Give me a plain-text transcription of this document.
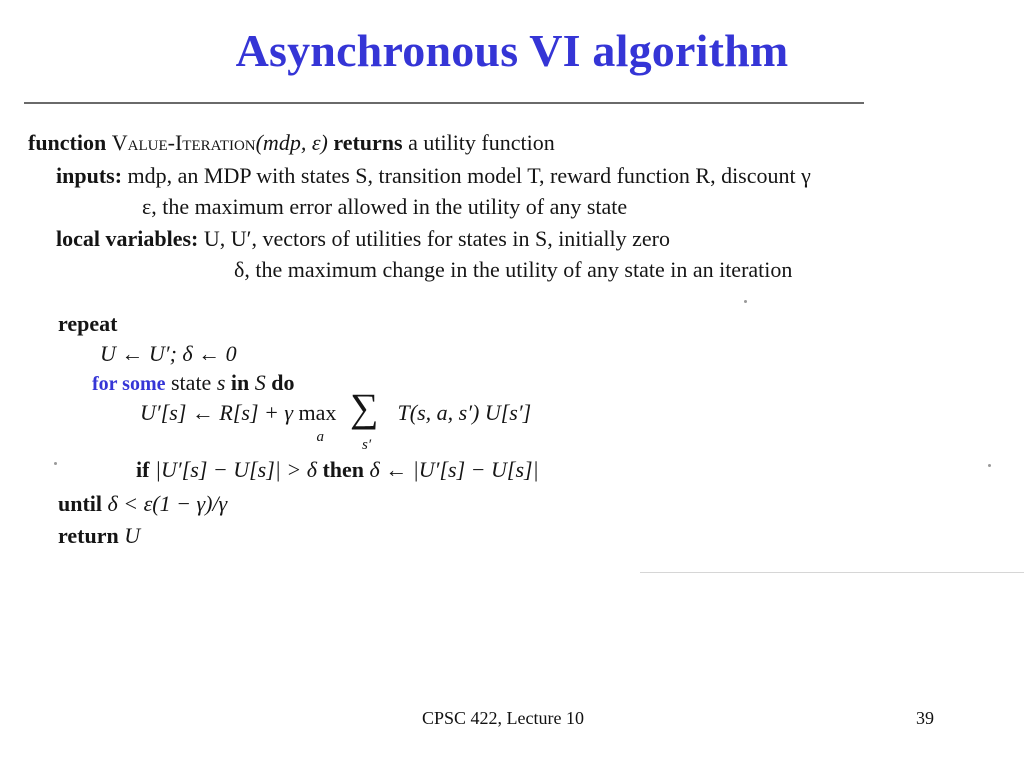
Asynchronous VI algorithm
function Value-Iteration(mdp, ε) returns a utility function
inputs: mdp, an MDP with states S, transition model T, reward function R, discount γ
ε, the maximum error allowed in the utility of any state
local variables: U, U′, vectors of utilities for states in S, initially zero
δ, the maximum change in the utility of any state in an iteration
repeat
U ← U′; δ ← 0
for some state s in S do
U′[s] ← R[s] + γ max
a

∑
s′
T(s, a, s′) U[s′]
if |U′[s] − U[s]| > δ then δ ← |U′[s] − U[s]|
until δ < ε(1 − γ)/γ
return U
CPSC 422, Lecture 10	39
